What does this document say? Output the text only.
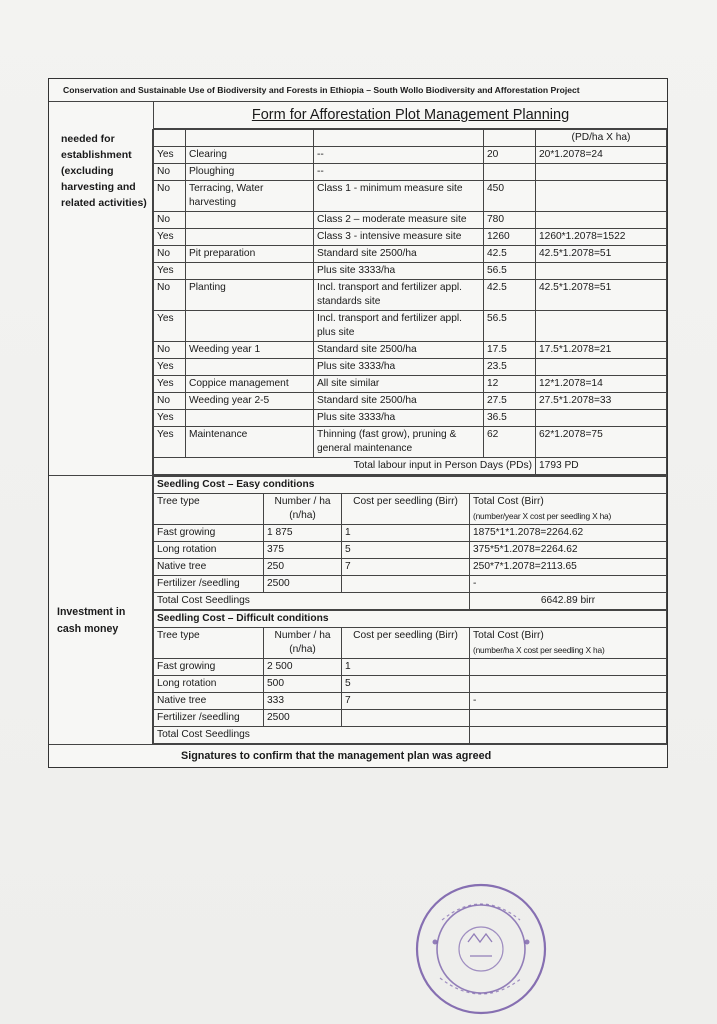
Conservation and Sustainable Use of Biodiversity and Forests in Ethiopia – South Wollo Biodiversity and Afforestation Project
Form for Afforestation Plot Management Planning
needed for establishment (excluding harvesting and related activities)
				(PD/ha X ha)
Yes	Clearing	--	20	20*1.2078=24
No	Ploughing	--		
No	Terracing, Water harvesting	Class 1 - minimum measure site	450	
No		Class 2 – moderate measure site	780	
Yes		Class 3 - intensive measure site	1260	1260*1.2078=1522
No	Pit preparation	Standard site 2500/ha	42.5	42.5*1.2078=51
Yes		Plus site 3333/ha	56.5	
No	Planting	Incl. transport and fertilizer appl. standards site	42.5	42.5*1.2078=51
Yes		Incl. transport and fertilizer appl. plus site	56.5	
No	Weeding year 1	Standard site 2500/ha	17.5	17.5*1.2078=21
Yes		Plus site 3333/ha	23.5	
Yes	Coppice management	All site similar	12	12*1.2078=14
No	Weeding year 2-5	Standard site 2500/ha	27.5	27.5*1.2078=33
Yes		Plus site 3333/ha	36.5	
Yes	Maintenance	Thinning (fast grow), pruning & general maintenance	62	62*1.2078=75
Total labour input in Person Days (PDs)				1793 PD
Investment in cash money
Seedling Cost – Easy conditions			
Tree type	Number / ha (n/ha)	Cost per seedling (Birr)	Total Cost (Birr)
(number/year X cost per seedling X ha)

Fast growing	1 875	1	1875*1*1.2078=2264.62
Long rotation	375	5	375*5*1.2078=2264.62
Native tree	250	7	250*7*1.2078=2113.65
Fertilizer /seedling	2500		-
Total Cost Seedlings			6642.89 birr
Seedling Cost – Difficult conditions			
Tree type	Number / ha (n/ha)	Cost per seedling (Birr)	Total Cost (Birr)
(number/ha X cost per seedling X ha)

Fast growing	2 500	1	
Long rotation	500	5	
Native tree	333	7	-
Fertilizer /seedling	2500		
Total Cost Seedlings			
Signatures to confirm that the management plan was agreed
